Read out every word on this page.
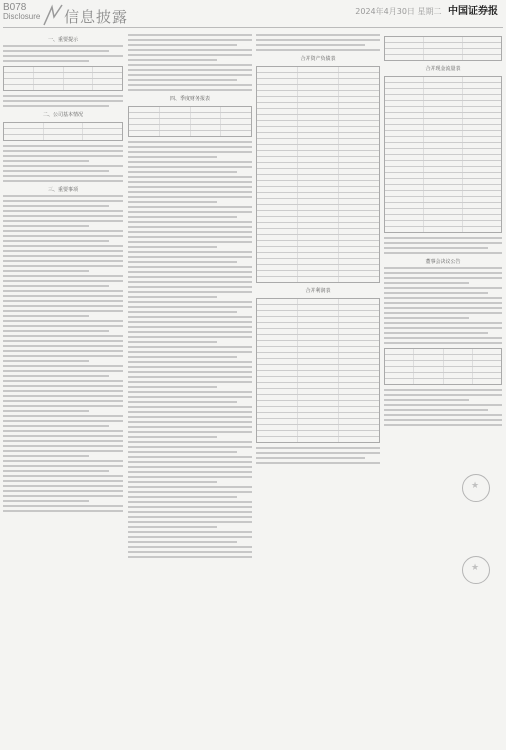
B078
Disclosure 信息披露	2024年4月30日 星期二 中国证券报
一、重要提示
二、公司基本情况
三、重要事项
四、季度财务报表
合并资产负债表
合并利润表
合并现金流量表
董事会决议公告
★
★
